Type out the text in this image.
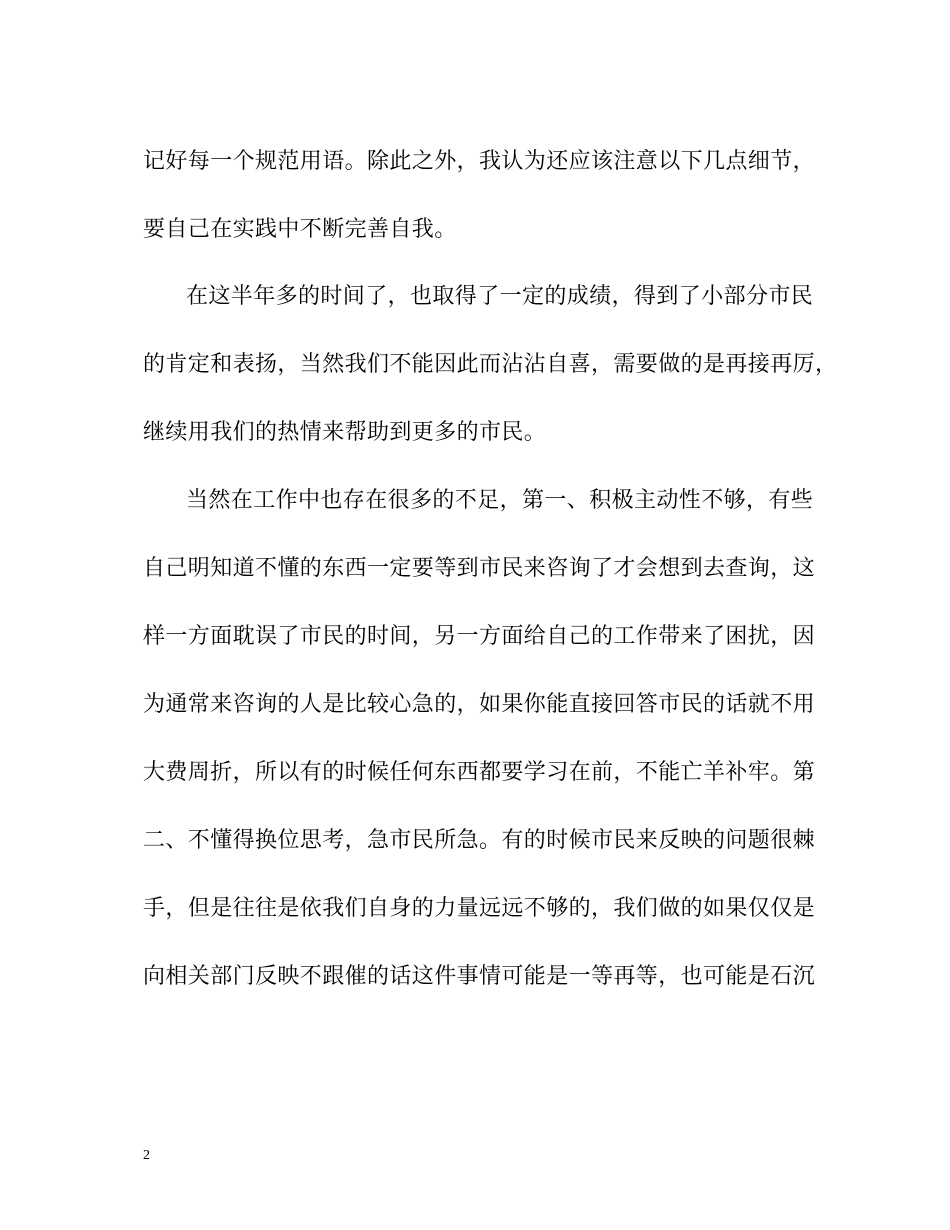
记好每一个规范用语。除此之外，我认为还应该注意以下几点细节，
要自己在实践中不断完善自我。
在这半年多的时间了，也取得了一定的成绩，得到了小部分市民
的肯定和表扬，当然我们不能因此而沾沾自喜，需要做的是再接再厉，
继续用我们的热情来帮助到更多的市民。
当然在工作中也存在很多的不足，第一、积极主动性不够，有些
自己明知道不懂的东西一定要等到市民来咨询了才会想到去查询，这
样一方面耽误了市民的时间，另一方面给自己的工作带来了困扰，因
为通常来咨询的人是比较心急的，如果你能直接回答市民的话就不用
大费周折，所以有的时候任何东西都要学习在前，不能亡羊补牢。第
二、不懂得换位思考，急市民所急。有的时候市民来反映的问题很棘
手，但是往往是依我们自身的力量远远不够的，我们做的如果仅仅是
向相关部门反映不跟催的话这件事情可能是一等再等，也可能是石沉
2
